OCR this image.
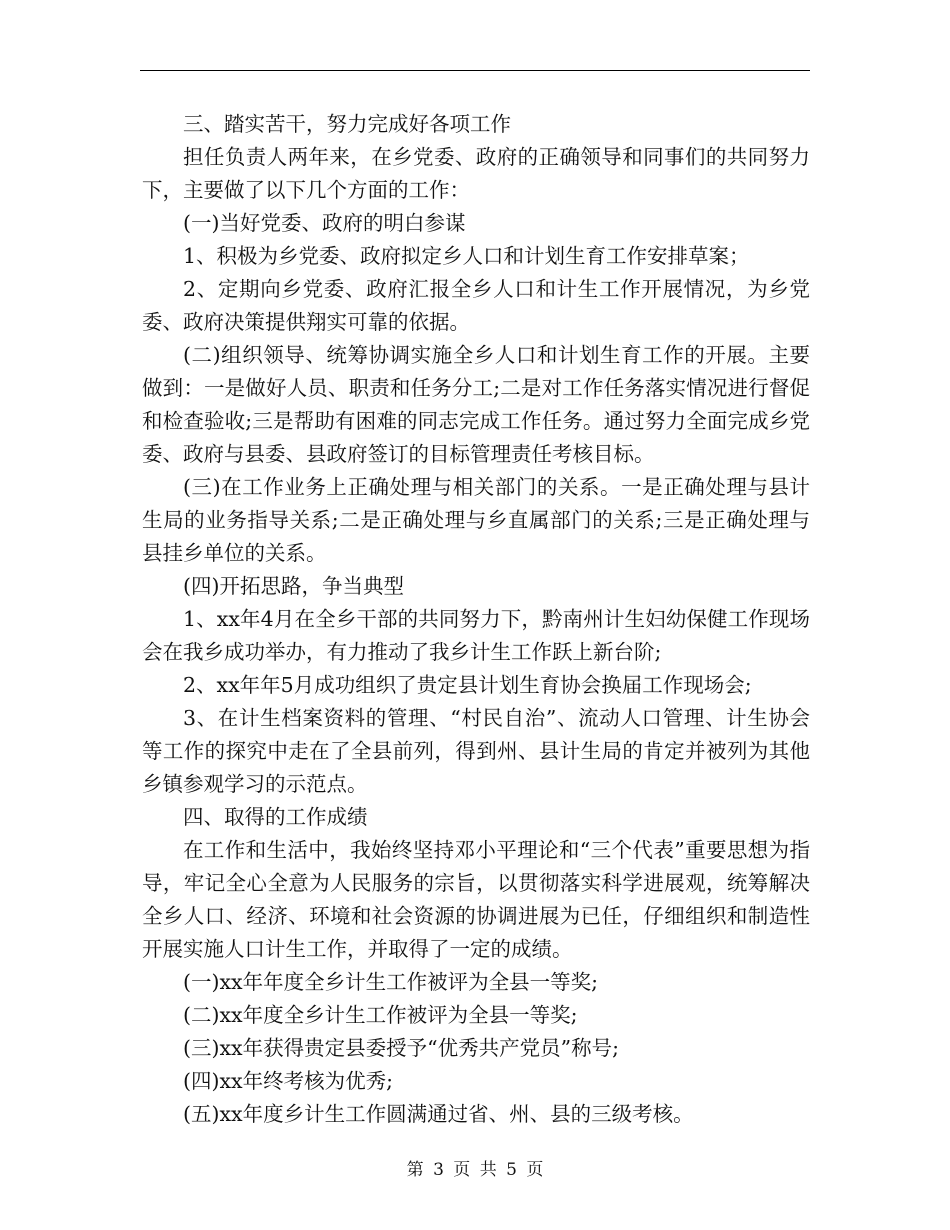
三、踏实苦干，努力完成好各项工作

担任负责人两年来，在乡党委、政府的正确领导和同事们的共同努力下，主要做了以下几个方面的工作：

(一)当好党委、政府的明白参谋

1、积极为乡党委、政府拟定乡人口和计划生育工作安排草案；

2、定期向乡党委、政府汇报全乡人口和计生工作开展情况，为乡党委、政府决策提供翔实可靠的依据。

(二)组织领导、统筹协调实施全乡人口和计划生育工作的开展。主要做到：一是做好人员、职责和任务分工;二是对工作任务落实情况进行督促和检查验收;三是帮助有困难的同志完成工作任务。通过努力全面完成乡党委、政府与县委、县政府签订的目标管理责任考核目标。

(三)在工作业务上正确处理与相关部门的关系。一是正确处理与县计生局的业务指导关系;二是正确处理与乡直属部门的关系;三是正确处理与县挂乡单位的关系。

(四)开拓思路，争当典型

1、xx年4月在全乡干部的共同努力下，黔南州计生妇幼保健工作现场会在我乡成功举办，有力推动了我乡计生工作跃上新台阶;

2、xx年年5月成功组织了贵定县计划生育协会换届工作现场会;

3、在计生档案资料的管理、“村民自治”、流动人口管理、计生协会等工作的探究中走在了全县前列，得到州、县计生局的肯定并被列为其他乡镇参观学习的示范点。

四、取得的工作成绩

在工作和生活中，我始终坚持邓小平理论和“三个代表”重要思想为指导，牢记全心全意为人民服务的宗旨，以贯彻落实科学进展观，统筹解决全乡人口、经济、环境和社会资源的协调进展为已任，仔细组织和制造性开展实施人口计生工作，并取得了一定的成绩。

(一)xx年年度全乡计生工作被评为全县一等奖;

(二)xx年度全乡计生工作被评为全县一等奖;

(三)xx年获得贵定县委授予“优秀共产党员”称号;

(四)xx年终考核为优秀;

(五)xx年度乡计生工作圆满通过省、州、县的三级考核。

第 3 页 共 5 页
